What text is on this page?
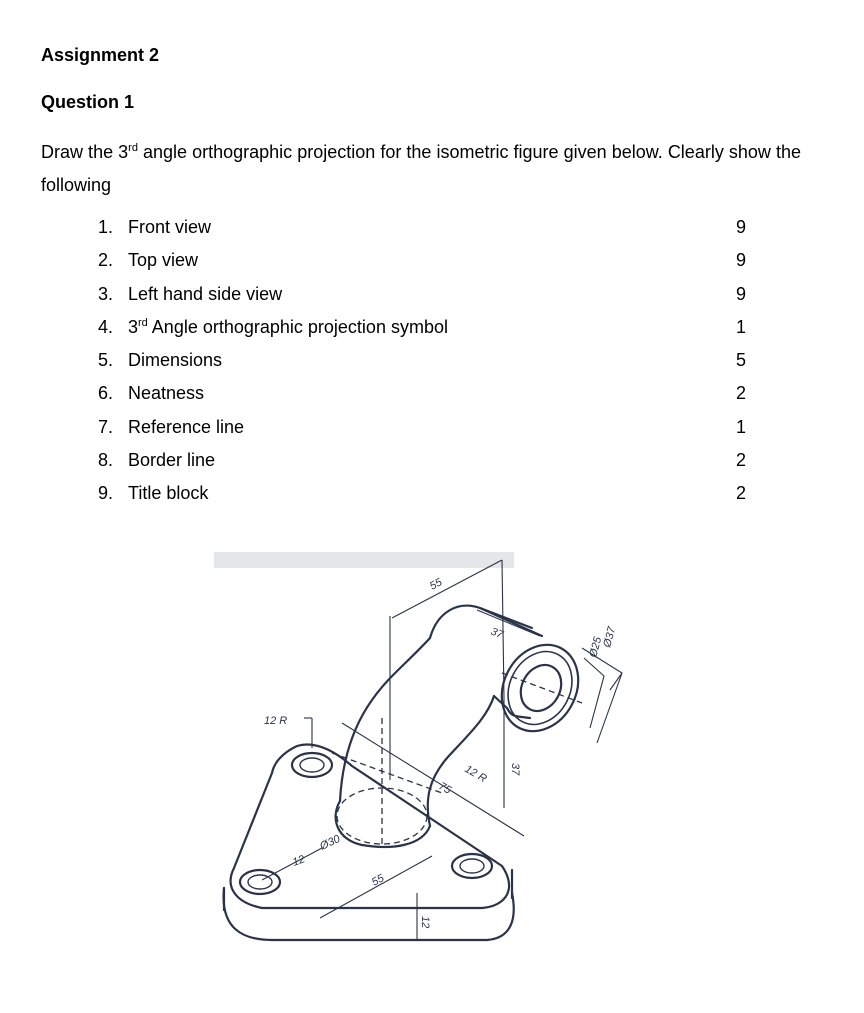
Assignment 2
Question 1

Draw the 3rd angle orthographic projection for the isometric figure given below. Clearly show the following

1. Front view	9
2. Top view	9
3. Left hand side view	9
4. 3rd Angle orthographic projection symbol	1
5. Dimensions	5
6. Neatness	2
7. Reference line	1
8. Border line	2
9. Title block	2
55
37	Ø37
Ø25
12 R
37
12 R
75
Ø30
12
55
12
